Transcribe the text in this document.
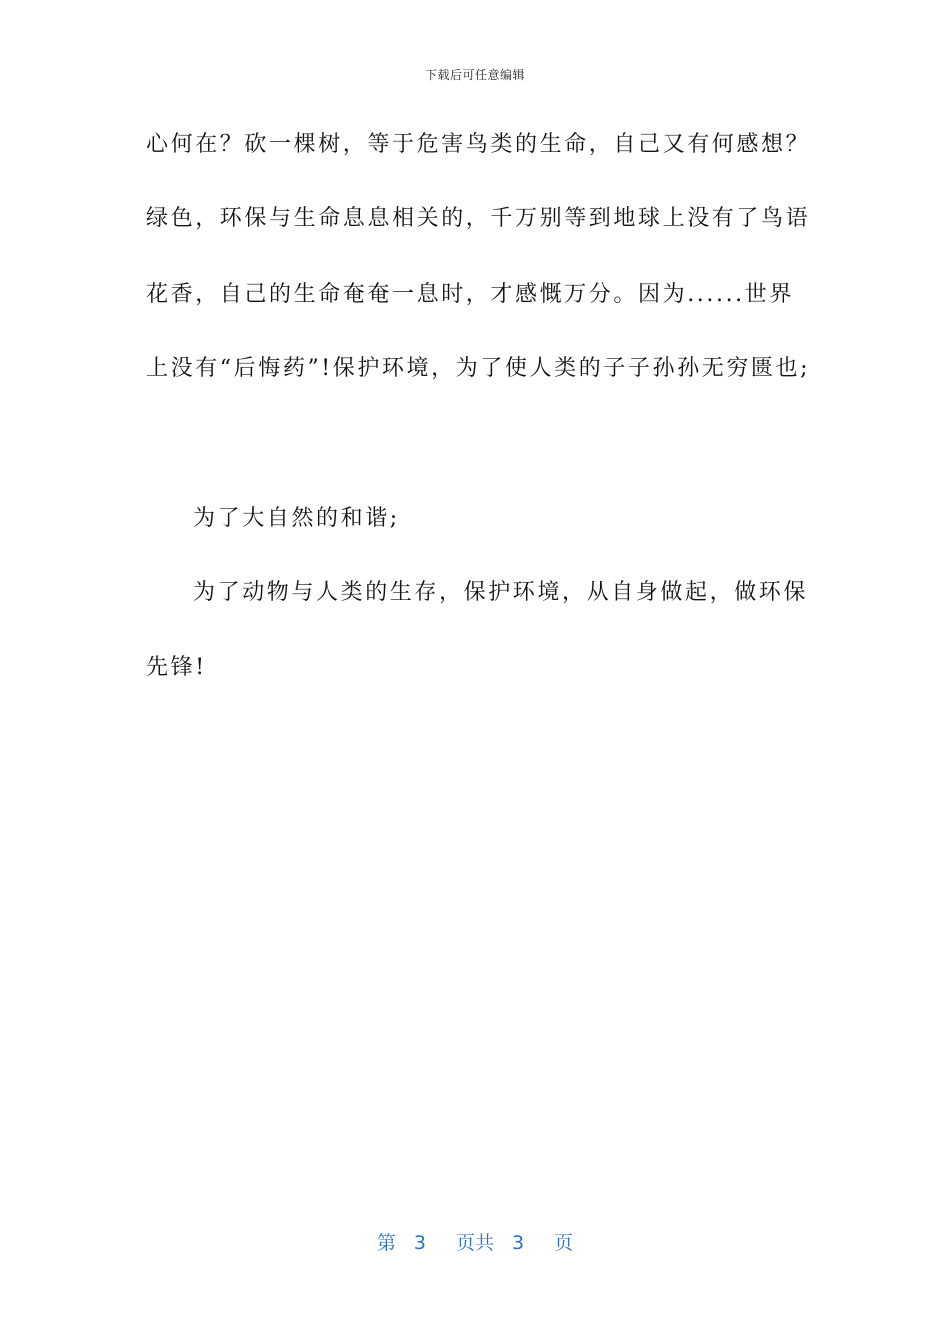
下载后可任意编辑
心何在？砍一棵树，等于危害鸟类的生命，自己又有何感想？
绿色，环保与生命息息相关的，千万别等到地球上没有了鸟语
花香，自己的生命奄奄一息时，才感慨万分。因为......世界
上没有“后悔药”!保护环境，为了使人类的子子孙孙无穷匮也;
为了大自然的和谐;
为了动物与人类的生存，保护环境，从自身做起，做环保
先锋!
第 3 页共 3 页
